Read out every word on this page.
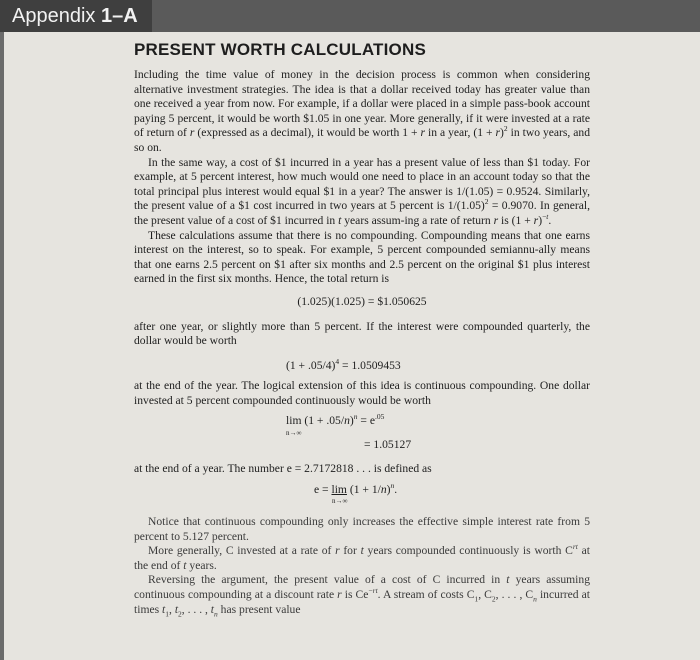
Appendix 1–A
PRESENT WORTH CALCULATIONS

Including the time value of money in the decision process is common when considering alternative investment strategies. The idea is that a dollar received today has greater value than one received a year from now. For example, if a dollar were placed in a simple pass-book account paying 5 percent, it would be worth $1.05 in one year. More generally, if it were invested at a rate of return of r (expressed as a decimal), it would be worth 1 + r in a year, $(1 + r)^2$ in two years, and so on.

In the same way, a cost of $1 incurred in a year has a present value of less than $1 today. For example, at 5 percent interest, how much would one need to place in an account today so that the total principal plus interest would equal $1 in a year? The answer is 1/(1.05) = 0.9524. Similarly, the present value of a $1 cost incurred in two years at 5 percent is $1/(1.05)^2 = 0.9070$. In general, the present value of a cost of $1 incurred in t years assum-ing a rate of return r is $(1 + r)^{-t}$.

These calculations assume that there is no compounding. Compounding means that one earns interest on the interest, so to speak. For example, 5 percent compounded semiannu-ally means that one earns 2.5 percent on $1 after six months and 2.5 percent on the original $1 plus interest earned in the first six months. Hence, the total return is

(1.025)(1.025) = $1.050625

after one year, or slightly more than 5 percent. If the interest were compounded quarterly, the dollar would be worth

$(1 + .05/4)^4 = 1.0509453$

at the end of the year. The logical extension of this idea is continuous compounding. One dollar invested at 5 percent compounded continuously would be worth

$\lim (1 + .05/n)^n = e^{.05}$
n→∞
= 1.05127

at the end of a year. The number e = 2.7172818 . . . is defined as

$e = \lim (1 + 1/n)^n$.
n→∞

Notice that continuous compounding only increases the effective simple interest rate from 5 percent to 5.127 percent.

More generally, C invested at a rate of r for t years compounded continuously is worth $C^{rt}$ at the end of t years.

Reversing the argument, the present value of a cost of C incurred in t years assuming continuous compounding at a discount rate r is $Ce^{-rt}$. A stream of costs $C_1$, $C_2$, . . . , $C_n$ incurred at times $t_1$, $t_2$, . . . , $t_n$ has present value
